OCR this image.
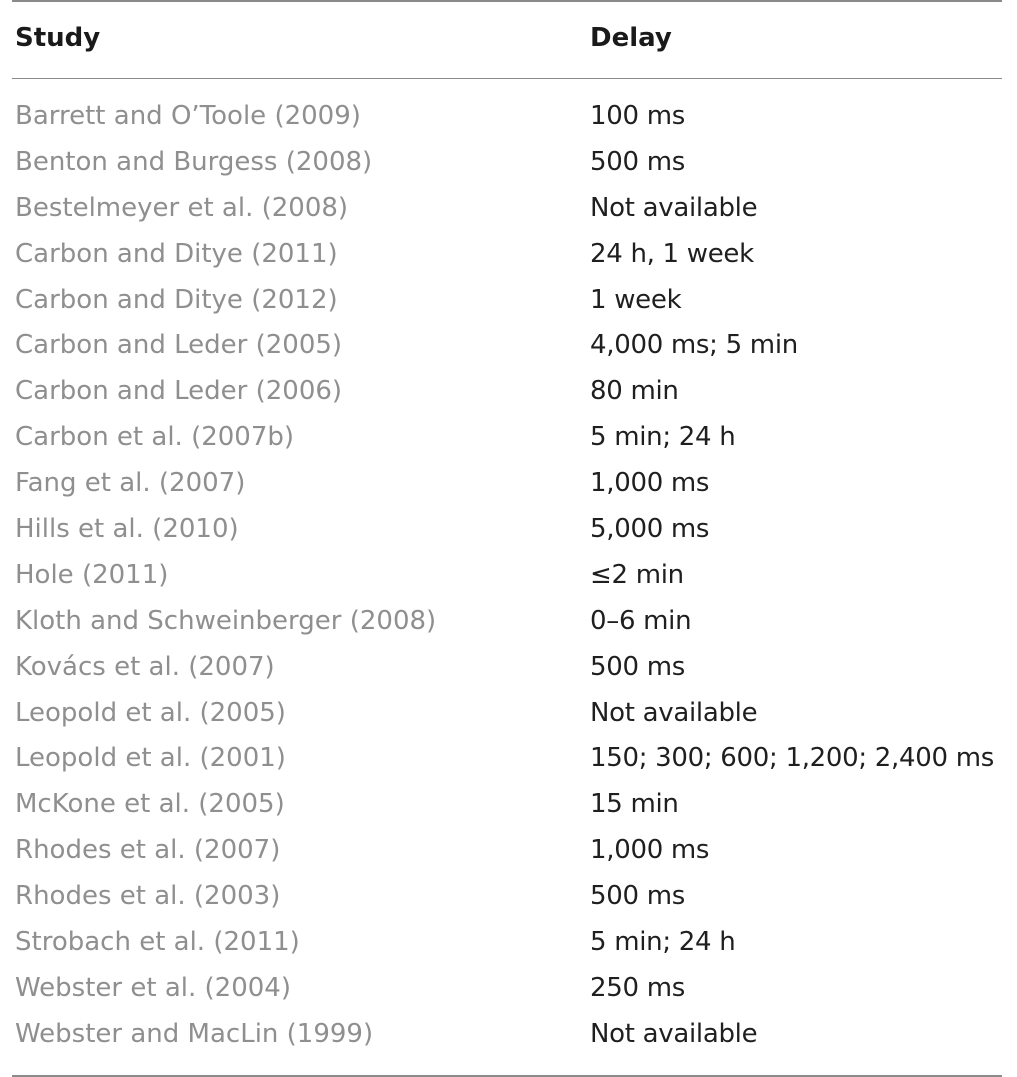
Study	Delay
Barrett and O’Toole (2009)	100 ms
Benton and Burgess (2008)	500 ms
Bestelmeyer et al. (2008)	Not available
Carbon and Ditye (2011)	24 h, 1 week
Carbon and Ditye (2012)	1 week
Carbon and Leder (2005)	4,000 ms; 5 min
Carbon and Leder (2006)	80 min
Carbon et al. (2007b)	5 min; 24 h
Fang et al. (2007)	1,000 ms
Hills et al. (2010)	5,000 ms
Hole (2011)	≤2 min
Kloth and Schweinberger (2008)	0–6 min
Kovács et al. (2007)	500 ms
Leopold et al. (2005)	Not available
Leopold et al. (2001)	150; 300; 600; 1,200; 2,400 ms
McKone et al. (2005)	15 min
Rhodes et al. (2007)	1,000 ms
Rhodes et al. (2003)	500 ms
Strobach et al. (2011)	5 min; 24 h
Webster et al. (2004)	250 ms
Webster and MacLin (1999)	Not available
